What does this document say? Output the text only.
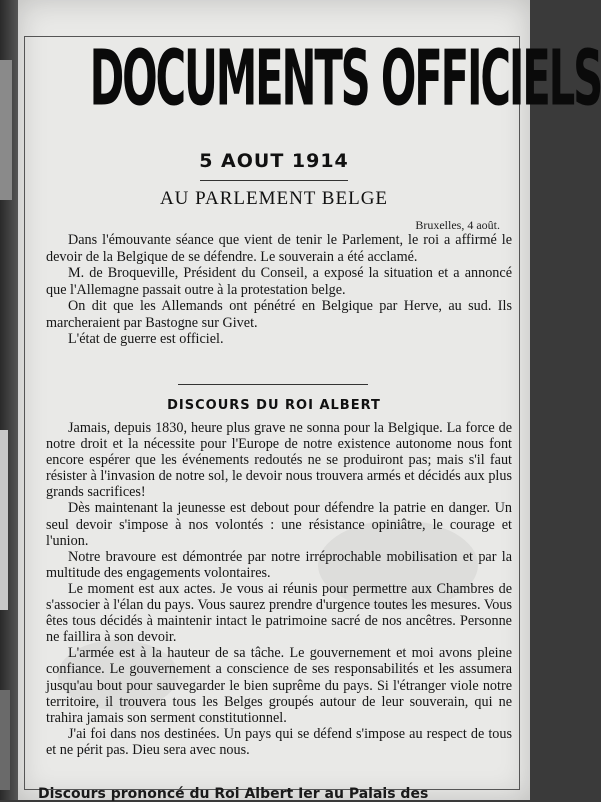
DOCUMENTS OFFICIELS
5 AOUT 1914
AU PARLEMENT BELGE
Bruxelles, 4 août.

Dans l'émouvante séance que vient de tenir le Parlement, le roi a affirmé le devoir de la Belgique de se défendre. Le souverain a été acclamé.

M. de Broqueville, Président du Conseil, a exposé la situation et a annoncé que l'Allemagne passait outre à la protestation belge.

On dit que les Allemands ont pénétré en Belgique par Herve, au sud. Ils marcheraient par Bastogne sur Givet.

L'état de guerre est officiel.

DISCOURS DU ROI ALBERT

Jamais, depuis 1830, heure plus grave ne sonna pour la Belgique. La force de notre droit et la nécessite pour l'Europe de notre existence autonome nous font encore espérer que les événements redoutés ne se produiront pas; mais s'il faut résister à l'invasion de notre sol, le devoir nous trouvera armés et décidés aux plus grands sacrifices!

Dès maintenant la jeunesse est debout pour défendre la patrie en danger. Un seul devoir s'impose à nos volontés : une résistance opiniâtre, le courage et l'union.

Notre bravoure est démontrée par notre irréprochable mobilisation et par la multitude des engagements volontaires.

Le moment est aux actes. Je vous ai réunis pour permettre aux Chambres de s'associer à l'élan du pays. Vous saurez prendre d'urgence toutes les mesures. Vous êtes tous décidés à maintenir intact le patrimoine sacré de nos ancêtres. Personne ne faillira à son devoir.

L'armée est à la hauteur de sa tâche. Le gouvernement et moi avons pleine confiance. Le gouvernement a conscience de ses responsabilités et les assumera jusqu'au bout pour sauvegarder le bien suprême du pays. Si l'étranger viole notre territoire, il trouvera tous les Belges groupés autour de leur souverain, qui ne trahira jamais son serment constitutionnel.

J'ai foi dans nos destinées. Un pays qui se défend s'impose au respect de tous et ne périt pas. Dieu sera avec nous.

Discours prononcé du Roi Albert Ier au Palais des
